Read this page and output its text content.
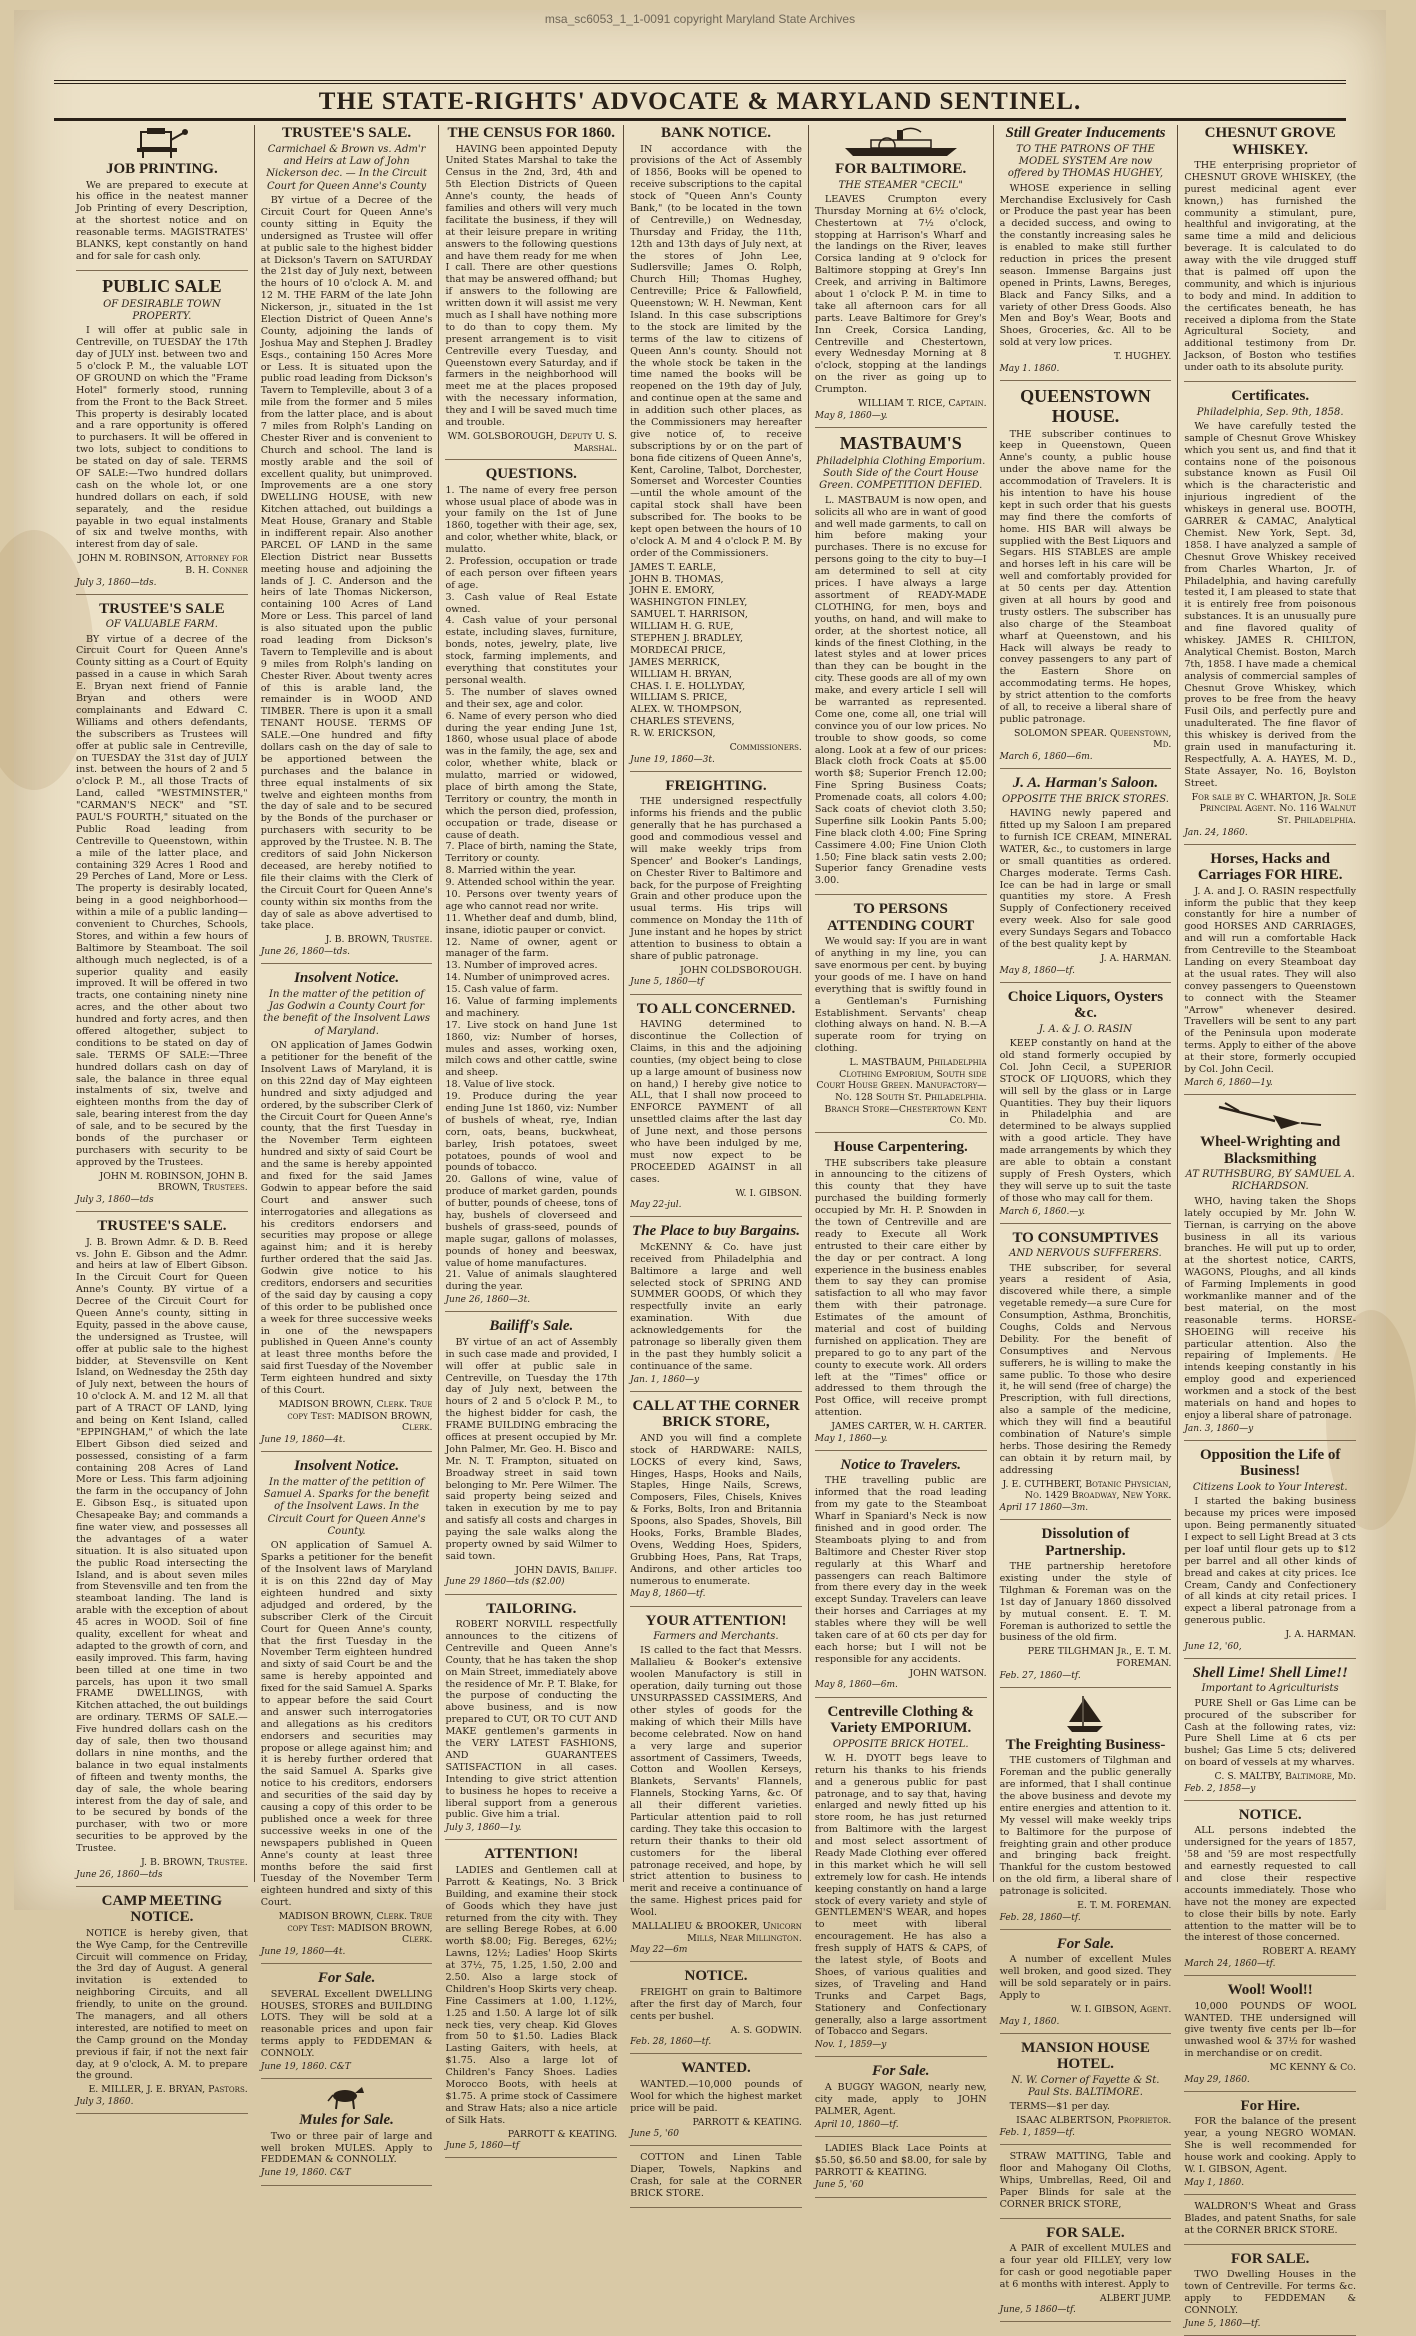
msa_sc6053_1_1-0091 copyright Maryland State Archives
THE STATE-RIGHTS' ADVOCATE & MARYLAND SENTINEL.
JOB PRINTING.

We are prepared to execute at his office in the neatest manner Job Printing of every Description, at the shortest notice and on reasonable terms. MAGISTRATES' BLANKS, kept constantly on hand and for sale for cash only.

PUBLIC SALE
OF DESIRABLE TOWN PROPERTY.

I will offer at public sale in Centreville, on TUESDAY the 17th day of JULY inst. between two and 5 o'clock P. M., the valuable LOT OF GROUND on which the "Frame Hotel" formerly stood, running from the Front to the Back Street. This property is desirably located and a rare opportunity is offered to purchasers. It will be offered in two lots, subject to conditions to be stated on day of sale. TERMS OF SALE:—Two hundred dollars cash on the whole lot, or one hundred dollars on each, if sold separately, and the residue payable in two equal instalments of six and twelve months, with interest from day of sale.

JOHN M. ROBINSON, Attorney for B. H. Conner
July 3, 1860—tds.
TRUSTEE'S SALE
OF VALUABLE FARM.

BY virtue of a decree of the Circuit Court for Queen Anne's County sitting as a Court of Equity passed in a cause in which Sarah E. Bryan next friend of Fannie Bryan and others were complainants and Edward C. Williams and others defendants, the subscribers as Trustees will offer at public sale in Centreville, on TUESDAY the 31st day of JULY inst. between the hours of 2 and 5 o'clock P. M., all those Tracts of Land, called "WESTMINSTER," "CARMAN'S NECK" and "ST. PAUL'S FOURTH," situated on the Public Road leading from Centreville to Queenstown, within a mile of the latter place, and containing 329 Acres 1 Rood and 29 Perches of Land, More or Less. The property is desirably located, being in a good neighborhood—within a mile of a public landing—convenient to Churches, Schools, Stores, and within a few hours of Baltimore by Steamboat. The soil although much neglected, is of a superior quality and easily improved. It will be offered in two tracts, one containing ninety nine acres, and the other about two hundred and forty acres, and then offered altogether, subject to conditions to be stated on day of sale. TERMS OF SALE:—Three hundred dollars cash on day of sale, the balance in three equal instalments of six, twelve and eighteen months from the day of sale, bearing interest from the day of sale, and to be secured by the bonds of the purchaser or purchasers with security to be approved by the Trustees.

JOHN M. ROBINSON, JOHN B. BROWN, Trustees.
July 3, 1860—tds
TRUSTEE'S SALE.

J. B. Brown Admr. & D. B. Reed vs. John E. Gibson and the Admr. and heirs at law of Elbert Gibson. In the Circuit Court for Queen Anne's County. BY virtue of a Decree of the Circuit Court for Queen Anne's county, sitting in Equity, passed in the above cause, the undersigned as Trustee, will offer at public sale to the highest bidder, at Stevensville on Kent Island, on Wednesday the 25th day of July next, between the hours of 10 o'clock A. M. and 12 M. all that part of A TRACT OF LAND, lying and being on Kent Island, called "EPPINGHAM," of which the late Elbert Gibson died seized and possessed, consisting of a farm containing 208 Acres of Land More or Less. This farm adjoining the farm in the occupancy of John E. Gibson Esq., is situated upon Chesapeake Bay; and commands a fine water view, and possesses all the advantages of a water situation. It is also situated upon the public Road intersecting the Island, and is about seven miles from Stevensville and ten from the steamboat landing. The land is arable with the exception of about 45 acres in WOOD. Soil of fine quality, excellent for wheat and adapted to the growth of corn, and easily improved. This farm, having been tilled at one time in two parcels, has upon it two small FRAME DWELLINGS, with Kitchen attached, the out buildings are ordinary. TERMS OF SALE.—Five hundred dollars cash on the day of sale, then two thousand dollars in nine months, and the balance in two equal instalments of fifteen and twenty months, the day of sale, the whole bearing interest from the day of sale, and to be secured by bonds of the purchaser, with two or more securities to be approved by the Trustee.

J. B. BROWN, Trustee.
June 26, 1860—tds
CAMP MEETING NOTICE.

NOTICE is hereby given, that the Wye Camp, for the Centreville Circuit will commence on Friday, the 3rd day of August. A general invitation is extended to neighboring Circuits, and all friendly, to unite on the ground. The managers, and all others interested, are notified to meet on the Camp ground on the Monday previous if fair, if not the next fair day, at 9 o'clock, A. M. to prepare the ground.

E. MILLER, J. E. BRYAN, Pastors.
July 3, 1860.
TRUSTEE'S SALE.
Carmichael & Brown vs. Adm'r and Heirs at Law of John Nickerson dec. — In the Circuit Court for Queen Anne's County

BY virtue of a Decree of the Circuit Court for Queen Anne's county sitting in Equity the undersigned as Trustee will offer at public sale to the highest bidder at Dickson's Tavern on SATURDAY the 21st day of July next, between the hours of 10 o'clock A. M. and 12 M. THE FARM of the late John Nickerson, jr., situated in the 1st Election District of Queen Anne's County, adjoining the lands of Joshua May and Stephen J. Bradley Esqs., containing 150 Acres More or Less. It is situated upon the public road leading from Dickson's Tavern to Templeville, about 3 of a mile from the former and 5 miles from the latter place, and is about 7 miles from Rolph's Landing on Chester River and is convenient to Church and school. The land is mostly arable and the soil of excellent quality, but unimproved. Improvements are a one story DWELLING HOUSE, with new Kitchen attached, out buildings a Meat House, Granary and Stable in indifferent repair. Also another PARCEL OF LAND in the same Election District near Bussetts meeting house and adjoining the lands of J. C. Anderson and the heirs of late Thomas Nickerson, containing 100 Acres of Land More or Less. This parcel of land is also situated upon the public road leading from Dickson's Tavern to Templeville and is about 9 miles from Rolph's landing on Chester River. About twenty acres of this is arable land, the remainder is in WOOD AND TIMBER. There is upon it a small TENANT HOUSE. TERMS OF SALE.—One hundred and fifty dollars cash on the day of sale to be apportioned between the purchases and the balance in three equal instalments of six twelve and eighteen months from the day of sale and to be secured by the Bonds of the purchaser or purchasers with security to be approved by the Trustee. N. B. The creditors of said John Nickerson deceased, are hereby notified to file their claims with the Clerk of the Circuit Court for Queen Anne's county within six months from the day of sale as above advertised to take place.

J. B. BROWN, Trustee.
June 26, 1860—tds.
Insolvent Notice.
In the matter of the petition of Jas Godwin a County Court for the benefit of the Insolvent Laws of Maryland.

ON application of James Godwin a petitioner for the benefit of the Insolvent Laws of Maryland, it is on this 22nd day of May eighteen hundred and sixty adjudged and ordered, by the subscriber Clerk of the Circuit Court for Queen Anne's county, that the first Tuesday in the November Term eighteen hundred and sixty of said Court be and the same is hereby appointed and fixed for the said James Godwin to appear before the said Court and answer such interrogatories and allegations as his creditors endorsers and securities may propose or allege against him; and it is hereby further ordered that the said Jas. Godwin give notice to his creditors, endorsers and securities of the said day by causing a copy of this order to be published once a week for three successive weeks in one of the newspapers published in Queen Anne's county at least three months before the said first Tuesday of the November Term eighteen hundred and sixty of this Court.

MADISON BROWN, Clerk. True copy Test: MADISON BROWN, Clerk.
June 19, 1860—4t.
Insolvent Notice.
In the matter of the petition of Samuel A. Sparks for the benefit of the Insolvent Laws. In the Circuit Court for Queen Anne's County.

ON application of Samuel A. Sparks a petitioner for the benefit of the Insolvent laws of Maryland it is on this 22nd day of May eighteen hundred and sixty adjudged and ordered, by the subscriber Clerk of the Circuit Court for Queen Anne's county, that the first Tuesday in the November Term eighteen hundred and sixty of said Court be and the same is hereby appointed and fixed for the said Samuel A. Sparks to appear before the said Court and answer such interrogatories and allegations as his creditors endorsers and securities may propose or allege against him; and it is hereby further ordered that the said Samuel A. Sparks give notice to his creditors, endorsers and securities of the said day by causing a copy of this order to be published once a week for three successive weeks in one of the newspapers published in Queen Anne's county at least three months before the said first Tuesday of the November Term eighteen hundred and sixty of this Court.

MADISON BROWN, Clerk. True copy Test: MADISON BROWN, Clerk.
June 19, 1860—4t.
For Sale.

SEVERAL Excellent DWELLING HOUSES, STORES and BUILDING LOTS. They will be sold at a reasonable prices and upon fair terms apply to FEDDEMAN & CONNOLY.

June 19, 1860. C&T
Mules for Sale.

Two or three pair of large and well broken MULES. Apply to FEDDEMAN & CONNOLLY.

June 19, 1860. C&T
THE CENSUS FOR 1860.

HAVING been appointed Deputy United States Marshal to take the Census in the 2nd, 3rd, 4th and 5th Election Districts of Queen Anne's county, the heads of families and others will very much facilitate the business, if they will at their leisure prepare in writing answers to the following questions and have them ready for me when I call. There are other questions that may be answered offhand; but if answers to the following are written down it will assist me very much as I shall have nothing more to do than to copy them. My present arrangement is to visit Centreville every Tuesday, and Queenstown every Saturday, and if farmers in the neighborhood will meet me at the places proposed with the necessary information, they and I will be saved much time and trouble.

WM. GOLSBOROUGH, Deputy U. S. Marshal.
QUESTIONS.
1. The name of every free person whose usual place of abode was in your family on the 1st of June 1860, together with their age, sex, and color, whether white, black, or mulatto.
2. Profession, occupation or trade of each person over fifteen years of age.
3. Cash value of Real Estate owned.
4. Cash value of your personal estate, including slaves, furniture, bonds, notes, jewelry, plate, live stock, farming implements, and everything that constitutes your personal wealth.
5. The number of slaves owned and their sex, age and color.
6. Name of every person who died during the year ending June 1st, 1860, whose usual place of abode was in the family, the age, sex and color, whether white, black or mulatto, married or widowed, place of birth among the State, Territory or country, the month in which the person died, profession, occupation or trade, disease or cause of death.
7. Place of birth, naming the State, Territory or county.
8. Married within the year.
9. Attended school within the year.
10. Persons over twenty years of age who cannot read nor write.
11. Whether deaf and dumb, blind, insane, idiotic pauper or convict.
12. Name of owner, agent or manager of the farm.
13. Number of improved acres.
14. Number of unimproved acres.
15. Cash value of farm.
16. Value of farming implements and machinery.
17. Live stock on hand June 1st 1860, viz: Number of horses, mules and asses, working oxen, milch cows and other cattle, swine and sheep.
18. Value of live stock.
19. Produce during the year ending June 1st 1860, viz: Number of bushels of wheat, rye, Indian corn, oats, beans, buckwheat, barley, Irish potatoes, sweet potatoes, pounds of wool and pounds of tobacco.
20. Gallons of wine, value of produce of market garden, pounds of butter, pounds of cheese, tons of hay, bushels of cloverseed and bushels of grass-seed, pounds of maple sugar, gallons of molasses, pounds of honey and beeswax, value of home manufactures.
21. Value of animals slaughtered during the year.
June 26, 1860—3t.
Bailiff's Sale.

BY virtue of an act of Assembly in such case made and provided, I will offer at public sale in Centreville, on Tuesday the 17th day of July next, between the hours of 2 and 5 o'clock P. M., to the highest bidder for cash, the FRAME BUILDING embracing the offices at present occupied by Mr. John Palmer, Mr. Geo. H. Bisco and Mr. N. T. Frampton, situated on Broadway street in said town belonging to Mr. Pere Wilmer. The said property being seized and taken in execution by me to pay and satisfy all costs and charges in paying the sale walks along the property owned by said Wilmer to said town.

JOHN DAVIS, Bailiff.
June 29 1860—tds ($2.00)
TAILORING.

ROBERT NORVILL respectfully announces to the citizens of Centreville and Queen Anne's County, that he has taken the shop on Main Street, immediately above the residence of Mr. P. T. Blake, for the purpose of conducting the above business, and is now prepared to CUT, OR TO CUT AND MAKE gentlemen's garments in the VERY LATEST FASHIONS, AND GUARANTEES SATISFACTION in all cases. Intending to give strict attention to business he hopes to receive a liberal support from a generous public. Give him a trial.

July 3, 1860—1y.
ATTENTION!

LADIES and Gentlemen call at Parrott & Keatings, No. 3 Brick Building, and examine their stock of Goods which they have just returned from the city with. They are selling Berege Robes, at 6.00 worth $8.00; Fig. Bereges, 62½; Lawns, 12½; Ladies' Hoop Skirts at 37½, 75, 1.25, 1.50, 2.00 and 2.50. Also a large stock of Children's Hoop Skirts very cheap. Fine Cassimers at 1.00, 1.12½, 1.25 and 1.50. A large lot of silk neck ties, very cheap. Kid Gloves from 50 to $1.50. Ladies Black Lasting Gaiters, with heels, at $1.75. Also a large lot of Children's Fancy Shoes. Ladies Morocco Boots, with heels at $1.75. A prime stock of Cassimere and Straw Hats; also a nice article of Silk Hats.

PARROTT & KEATING.
June 5, 1860—tf
BANK NOTICE.

IN accordance with the provisions of the Act of Assembly of 1856, Books will be opened to receive subscriptions to the capital stock of "Queen Ann's County Bank," (to be located in the town of Centreville,) on Wednesday, Thursday and Friday, the 11th, 12th and 13th days of July next, at the stores of John Lee, Sudlersville; James O. Rolph, Church Hill; Thomas Hughey, Centreville; Price & Fallowfield, Queenstown; W. H. Newman, Kent Island. In this case subscriptions to the stock are limited by the terms of the law to citizens of Queen Ann's county. Should not the whole stock be taken in the time named the books will be reopened on the 19th day of July, and continue open at the same and in addition such other places, as the Commissioners may hereafter give notice of, to receive subscriptions by or on the part of bona fide citizens of Queen Anne's, Kent, Caroline, Talbot, Dorchester, Somerset and Worcester Counties—until the whole amount of the capital stock shall have been subscribed for. The books to be kept open between the hours of 10 o'clock A. M and 4 o'clock P. M. By order of the Commissioners.

JAMES T. EARLE,
JOHN B. THOMAS,
JOHN E. EMORY,
WASHINGTON FINLEY,
SAMUEL T. HARRISON,
WILLIAM H. G. RUE,
STEPHEN J. BRADLEY,
MORDECAI PRICE,
JAMES MERRICK,
WILLIAM H. BRYAN,
CHAS. I. E. HOLLYDAY,
WILLIAM S. PRICE,
ALEX. W. THOMPSON,
CHARLES STEVENS,
R. W. ERICKSON,
Commissioners.
June 19, 1860—3t.
FREIGHTING.

THE undersigned respectfully informs his friends and the public generally that he has purchased a good and commodious vessel and will make weekly trips from Spencer' and Booker's Landings, on Chester River to Baltimore and back, for the purpose of Freighting Grain and other produce upon the usual terms. His trips will commence on Monday the 11th of June instant and he hopes by strict attention to business to obtain a share of public patronage.

JOHN COLDSBOROUGH.
June 5, 1860—tf
TO ALL CONCERNED.

HAVING determined to discontinue the Collection of Claims, in this and the adjoining counties, (my object being to close up a large amount of business now on hand,) I hereby give notice to ALL, that I shall now proceed to ENFORCE PAYMENT of all unsettled claims after the last day of June next, and those persons who have been indulged by me, must now expect to be PROCEEDED AGAINST in all cases.

W. I. GIBSON.
May 22-jul.
The Place to buy Bargains.

McKENNY & Co. have just received from Philadelphia and Baltimore a large and well selected stock of SPRING AND SUMMER GOODS, Of which they respectfully invite an early examination. With due acknowledgements for the patronage so liberally given them in the past they humbly solicit a continuance of the same.

Jan. 1, 1860—y
CALL AT THE CORNER BRICK STORE,

AND you will find a complete stock of HARDWARE: NAILS, LOCKS of every kind, Saws, Hinges, Hasps, Hooks and Nails, Staples, Hinge Nails, Screws, Composers, Files, Chisels, Knives & Forks, Bolts, Iron and Britannia Spoons, also Spades, Shovels, Bill Hooks, Forks, Bramble Blades, Ovens, Wedding Hoes, Spiders, Grubbing Hoes, Pans, Rat Traps, Andirons, and other articles too numerous to enumerate.

May 8, 1860—tf.
YOUR ATTENTION!
Farmers and Merchants.

IS called to the fact that Messrs. Mallalieu & Booker's extensive woolen Manufactory is still in operation, daily turning out those UNSURPASSED CASSIMERS, And other styles of goods for the making of which their Mills have become celebrated. Now on hand a very large and superior assortment of Cassimers, Tweeds, Cotton and Woollen Kerseys, Blankets, Servants' Flannels, Flannels, Stocking Yarns, &c. Of all their different varieties. Particular attention paid to roll carding. They take this occasion to return their thanks to their old customers for the liberal patronage received, and hope, by strict attention to business to merit and receive a continuance of the same. Highest prices paid for Wool.

MALLALIEU & BROOKER, Unicorn Mills, Near Millington.
May 22—6m
NOTICE.

FREIGHT on grain to Baltimore after the first day of March, four cents per bushel.

A. S. GODWIN.
Feb. 28, 1860—tf.
WANTED.

WANTED.—10,000 pounds of Wool for which the highest market price will be paid.

PARROTT & KEATING.
June 5, '60

COTTON and Linen Table Diaper, Towels, Napkins and Crash, for sale at the CORNER BRICK STORE.

FOR BALTIMORE.
THE STEAMER "CECIL"

LEAVES Crumpton every Thursday Morning at 6½ o'clock, Chestertown at 7½ o'clock, stopping at Harrison's Wharf and the landings on the River, leaves Corsica landing at 9 o'clock for Baltimore stopping at Grey's Inn Creek, and arriving in Baltimore about 1 o'clock P. M. in time to take all afternoon cars for all parts. Leave Baltimore for Grey's Inn Creek, Corsica Landing, Centreville and Chestertown, every Wednesday Morning at 8 o'clock, stopping at the landings on the river as going up to Crumpton.

WILLIAM T. RICE, Captain.
May 8, 1860—y.
MASTBAUM'S
Philadelphia Clothing Emporium. South Side of the Court House Green. COMPETITION DEFIED.

L. MASTBAUM is now open, and solicits all who are in want of good and well made garments, to call on him before making your purchases. There is no excuse for persons going to the city to buy—I am determined to sell at city prices. I have always a large assortment of READY-MADE CLOTHING, for men, boys and youths, on hand, and will make to order, at the shortest notice, all kinds of the finest Clothing, in the latest styles and at lower prices than they can be bought in the city. These goods are all of my own make, and every article I sell will be warranted as represented. Come one, come all, one trial will convince you of our low prices. No trouble to show goods, so come along. Look at a few of our prices: Black cloth frock Coats at $5.00 worth $8; Superior French 12.00; Fine Spring Business Coats; Promenade coats, all colors 4.00; Sack coats of cheviot cloth 3.50; Superfine silk Lookin Pants 5.00; Fine black cloth 4.00; Fine Spring Cassimere 4.00; Fine Union Cloth 1.50; Fine black satin vests 2.00; Superior fancy Grenadine vests 3.00.

TO PERSONS ATTENDING COURT

We would say: If you are in want of anything in my line, you can save enormous per cent. by buying your goods of me. I have on hand everything that is swiftly found in a Gentleman's Furnishing Establishment. Servants' cheap clothing always on hand. N. B.—A superate room for trying on clothing.

L. MASTBAUM, Philadelphia Clothing Emporium, South side Court House Green. Manufactory—No. 128 South St. Philadelphia. Branch Store—Chestertown Kent Co. Md.
House Carpentering.

THE subscribers take pleasure in announcing to the citizens of this county that they have purchased the building formerly occupied by Mr. H. P. Snowden in the town of Centreville and are ready to Execute all Work entrusted to their care either by the day or per contract. A long experience in the business enables them to say they can promise satisfaction to all who may favor them with their patronage. Estimates of the amount of material and cost of building furnished on application. They are prepared to go to any part of the county to execute work. All orders left at the "Times" office or addressed to them through the Post Office, will receive prompt attention.

JAMES CARTER, W. H. CARTER.
May 1, 1860—y.
Notice to Travelers.

THE travelling public are informed that the road leading from my gate to the Steamboat Wharf in Spaniard's Neck is now finished and in good order. The Steamboats plying to and from Baltimore and Chester River stop regularly at this Wharf and passengers can reach Baltimore from there every day in the week except Sunday. Travelers can leave their horses and Carriages at my stables where they will be well taken care of at 60 cts per day for each horse; but I will not be responsible for any accidents.

JOHN WATSON.
May 8, 1860—6m.
Centreville Clothing & Variety EMPORIUM.
OPPOSITE BRICK HOTEL.

W. H. DYOTT begs leave to return his thanks to his friends and a generous public for past patronage, and to say that, having enlarged and newly fitted up his store room, he has just returned from Baltimore with the largest and most select assortment of Ready Made Clothing ever offered in this market which he will sell extremely low for cash. He intends keeping constantly on hand a large stock of every variety and style of GENTLEMEN'S WEAR, and hopes to meet with liberal encouragement. He has also a fresh supply of HATS & CAPS, of the latest style, of Boots and Shoes, of various qualities and sizes, of Traveling and Hand Trunks and Carpet Bags, Stationery and Confectionary generally, also a large assortment of Tobacco and Segars.

Nov. 1, 1859—y
For Sale.

A BUGGY WAGON, nearly new, city made, apply to JOHN PALMER, Agent.

April 10, 1860—tf.

LADIES Black Lace Points at $5.50, $6.50 and $8.00, for sale by PARROTT & KEATING.

June 5, '60
Still Greater Inducements
TO THE PATRONS OF THE MODEL SYSTEM Are now offered by THOMAS HUGHEY,

WHOSE experience in selling Merchandise Exclusively for Cash or Produce the past year has been a decided success, and owing to the constantly increasing sales he is enabled to make still further reduction in prices the present season. Immense Bargains just opened in Prints, Lawns, Bereges, Black and Fancy Silks, and a variety of other Dress Goods. Also Men and Boy's Wear, Boots and Shoes, Groceries, &c. All to be sold at very low prices.

T. HUGHEY.
May 1. 1860.
QUEENSTOWN HOUSE.

THE subscriber continues to keep in Queenstown, Queen Anne's county, a public house under the above name for the accommodation of Travelers. It is his intention to have his house kept in such order that his guests may find there the comforts of home. HIS BAR will always be supplied with the Best Liquors and Segars. HIS STABLES are ample and horses left in his care will be well and comfortably provided for at 50 cents per day. Attention given at all hours by good and trusty ostlers. The subscriber has also charge of the Steamboat wharf at Queenstown, and his Hack will always be ready to convey passengers to any part of the Eastern Shore on accommodating terms. He hopes, by strict attention to the comforts of all, to receive a liberal share of public patronage.

SOLOMON SPEAR. Queenstown, Md.
March 6, 1860—6m.
J. A. Harman's Saloon.
OPPOSITE THE BRICK STORES.

HAVING newly papered and fitted up my Saloon I am prepared to furnish ICE CREAM, MINERAL WATER, &c., to customers in large or small quantities as ordered. Charges moderate. Terms Cash. Ice can be had in large or small quantities my store. A Fresh Supply of Confectionery received every week. Also for sale good every Sundays Segars and Tobacco of the best quality kept by

J. A. HARMAN.
May 8, 1860—tf.
Choice Liquors, Oysters &c.
J. A. & J. O. RASIN

KEEP constantly on hand at the old stand formerly occupied by Col. John Cecil, a SUPERIOR STOCK OF LIQUORS, which they will sell by the glass or in Large Quantities. They buy their liquors in Philadelphia and are determined to be always supplied with a good article. They have made arrangements by which they are able to obtain a constant supply of Fresh Oysters, which they will serve up to suit the taste of those who may call for them.

March 6, 1860.—y.
TO CONSUMPTIVES
AND NERVOUS SUFFERERS.

THE subscriber, for several years a resident of Asia, discovered while there, a simple vegetable remedy—a sure Cure for Consumption, Asthma, Bronchitis, Coughs, Colds and Nervous Debility. For the benefit of Consumptives and Nervous sufferers, he is willing to make the same public. To those who desire it, he will send (free of charge) the Prescription, with full directions, also a sample of the medicine, which they will find a beautiful combination of Nature's simple herbs. Those desiring the Remedy can obtain it by return mail, by addressing

J. E. CUTHBERT, Botanic Physician, No. 1429 Broadway, New York.
April 17 1860—3m.
Dissolution of Partnership.

THE partnership heretofore existing under the style of Tilghman & Foreman was on the 1st day of January 1860 dissolved by mutual consent. E. T. M. Foreman is authorized to settle the business of the old firm.

PERE TILGHMAN Jr., E. T. M. FOREMAN.
Feb. 27, 1860—tf.
The Freighting Business-

THE customers of Tilghman and Foreman and the public generally are informed, that I shall continue the above business and devote my entire energies and attention to it. My vessel will make weekly trips to Baltimore for the purpose of freighting grain and other produce and bringing back freight. Thankful for the custom bestowed on the old firm, a liberal share of patronage is solicited.

E. T. M. FOREMAN.
Feb. 28, 1860—tf.
For Sale.

A number of excellent Mules well broken, and good sized. They will be sold separately or in pairs. Apply to

W. I. GIBSON, Agent.
May 1, 1860.
MANSION HOUSE HOTEL.
N. W. Corner of Fayette & St. Paul Sts. BALTIMORE.

TERMS—$1 per day.

ISAAC ALBERTSON, Proprietor.
Feb. 1, 1859—tf.

STRAW MATTING, Table and floor and Mahogany Oil Cloths, Whips, Umbrellas, Reed, Oil and Paper Blinds for sale at the CORNER BRICK STORE,

FOR SALE.

A PAIR of excellent MULES and a four year old FILLEY, very low for cash or good negotiable paper at 6 months with interest. Apply to

ALBERT JUMP.
June, 5 1860—tf.
CHESNUT GROVE WHISKEY.

THE enterprising proprietor of CHESNUT GROVE WHISKEY, (the purest medicinal agent ever known,) has furnished the community a stimulant, pure, healthful and invigorating, at the same time a mild and delicious beverage. It is calculated to do away with the vile drugged stuff that is palmed off upon the community, and which is injurious to body and mind. In addition to the certificates beneath, he has received a diploma from the State Agricultural Society, and additional testimony from Dr. Jackson, of Boston who testifies under oath to its absolute purity.

Certificates.
Philadelphia, Sep. 9th, 1858.

We have carefully tested the sample of Chesnut Grove Whiskey which you sent us, and find that it contains none of the poisonous substance known as Fusil Oil which is the characteristic and injurious ingredient of the whiskeys in general use. BOOTH, GARRER & CAMAC, Analytical Chemist. New York, Sept. 3d, 1858. I have analyzed a sample of Chesnut Grove Whiskey received from Charles Wharton, Jr. of Philadelphia, and having carefully tested it, I am pleased to state that it is entirely free from poisonous substances. It is an unusually pure and fine flavored quality of whiskey. JAMES R. CHILTON, Analytical Chemist. Boston, March 7th, 1858. I have made a chemical analysis of commercial samples of Chesnut Grove Whiskey, which proves to be free from the heavy Fusil Oils, and perfectly pure and unadulterated. The fine flavor of this whiskey is derived from the grain used in manufacturing it. Respectfully, A. A. HAYES, M. D., State Assayer, No. 16, Boylston Street.

For sale by C. WHARTON, Jr. Sole Principal Agent. No. 116 Walnut St. Philadelphia.
Jan. 24, 1860.
Horses, Hacks and Carriages FOR HIRE.

J. A. and J. O. RASIN respectfully inform the public that they keep constantly for hire a number of good HORSES AND CARRIAGES, and will run a comfortable Hack from Centreville to the Steamboat Landing on every Steamboat day at the usual rates. They will also convey passengers to Queenstown to connect with the Steamer "Arrow" whenever desired. Travellers will be sent to any part of the Peninsula upon moderate terms. Apply to either of the above at their store, formerly occupied by Col. John Cecil.

March 6, 1860—1y.
Wheel-Wrighting and Blacksmithing
AT RUTHSBURG, BY SAMUEL A. RICHARDSON.

WHO, having taken the Shops lately occupied by Mr. John W. Tiernan, is carrying on the above business in all its various branches. He will put up to order, at the shortest notice, CARTS, WAGONS, Ploughs, and all kinds of Farming Implements in good workmanlike manner and of the best material, on the most reasonable terms. HORSE-SHOEING will receive his particular attention. Also the repairing of Implements. He intends keeping constantly in his employ good and experienced workmen and a stock of the best materials on hand and hopes to enjoy a liberal share of patronage.

Jan. 3, 1860—y
Opposition the Life of Business!
Citizens Look to Your Interest.

I started the baking business because my prices were imposed upon. Being permanently situated I expect to sell Light Bread at 3 cts per loaf until flour gets up to $12 per barrel and all other kinds of bread and cakes at city prices. Ice Cream, Candy and Confectionery of all kinds at city retail prices. I expect a liberal patronage from a generous public.

J. A. HARMAN.
June 12, '60,
Shell Lime! Shell Lime!!
Important to Agriculturists

PURE Shell or Gas Lime can be procured of the subscriber for Cash at the following rates, viz: Pure Shell Lime at 6 cts per bushel; Gas Lime 5 cts; delivered on board of vessels at my wharves.

C. S. MALTBY, Baltimore, Md.
Feb. 2, 1858—y
NOTICE.

ALL persons indebted the undersigned for the years of 1857, '58 and '59 are most respectfully and earnestly requested to call and close their respective accounts immediately. Those who have not the money are expected to close their bills by note. Early attention to the matter will be to the interest of those concerned.

ROBERT A. REAMY
March 24, 1860—tf.
Wool! Wool!!

10,000 POUNDS OF WOOL WANTED. THE undersigned will give twenty five cents per lb—for unwashed wool & 37½ for washed in merchandise or on credit.

MC KENNY & Co.
May 29, 1860.
For Hire.

FOR the balance of the present year, a young NEGRO WOMAN. She is well recommended for house work and cooking. Apply to W. I. GIBSON, Agent.

May 1, 1860.

WALDRON'S Wheat and Grass Blades, and patent Snaths, for sale at the CORNER BRICK STORE.

FOR SALE.

TWO Dwelling Houses in the town of Centreville. For terms &c. apply to FEDDEMAN & CONNOLY.

June 5, 1860—tf.
